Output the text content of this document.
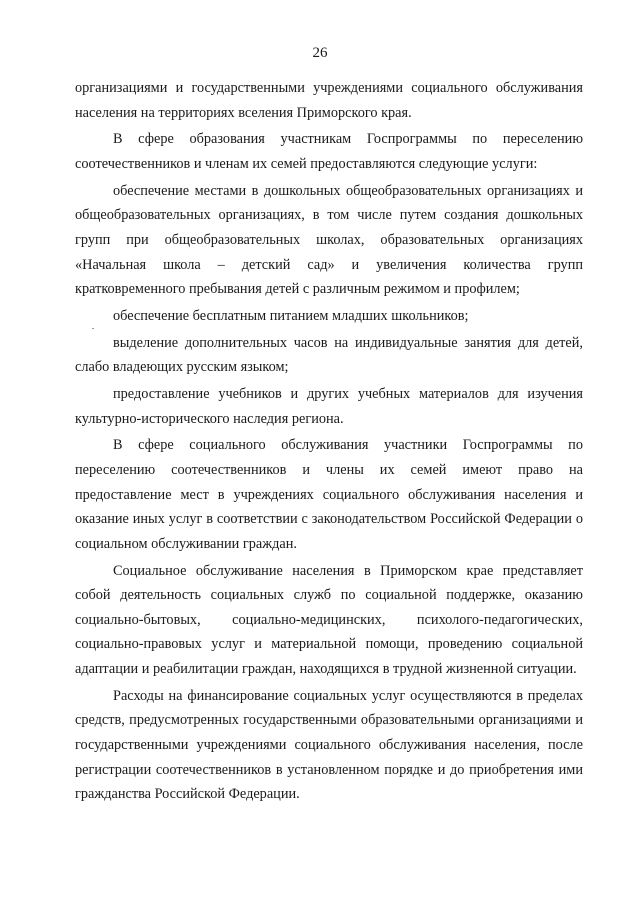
26

организациями и государственными учреждениями социального обслуживания населения на территориях вселения Приморского края.

В сфере образования участникам Госпрограммы по переселению соотечественников и членам их семей предоставляются следующие услуги:

обеспечение местами в дошкольных общеобразовательных организациях и общеобразовательных организациях, в том числе путем создания дошкольных групп при общеобразовательных школах, образовательных организациях «Начальная школа – детский сад» и увеличения количества групп кратковременного пребывания детей с различным режимом и профилем;

обеспечение бесплатным питанием младших школьников;

выделение дополнительных часов на индивидуальные занятия для детей, слабо владеющих русским языком;

предоставление учебников и других учебных материалов для изучения культурно-исторического наследия региона.

В сфере социального обслуживания участники Госпрограммы по переселению соотечественников и члены их семей имеют право на предоставление мест в учреждениях социального обслуживания населения и оказание иных услуг в соответствии с законодательством Российской Федерации о социальном обслуживании граждан.

Социальное обслуживание населения в Приморском крае представляет собой деятельность социальных служб по социальной поддержке, оказанию социально-бытовых, социально-медицинских, психолого-педагогических, социально-правовых услуг и материальной помощи, проведению социальной адаптации и реабилитации граждан, находящихся в трудной жизненной ситуации.

Расходы на финансирование социальных услуг осуществляются в пределах средств, предусмотренных государственными образовательными организациями и государственными учреждениями социального обслуживания населения, после регистрации соотечественников в установленном порядке и до приобретения ими гражданства Российской Федерации.
